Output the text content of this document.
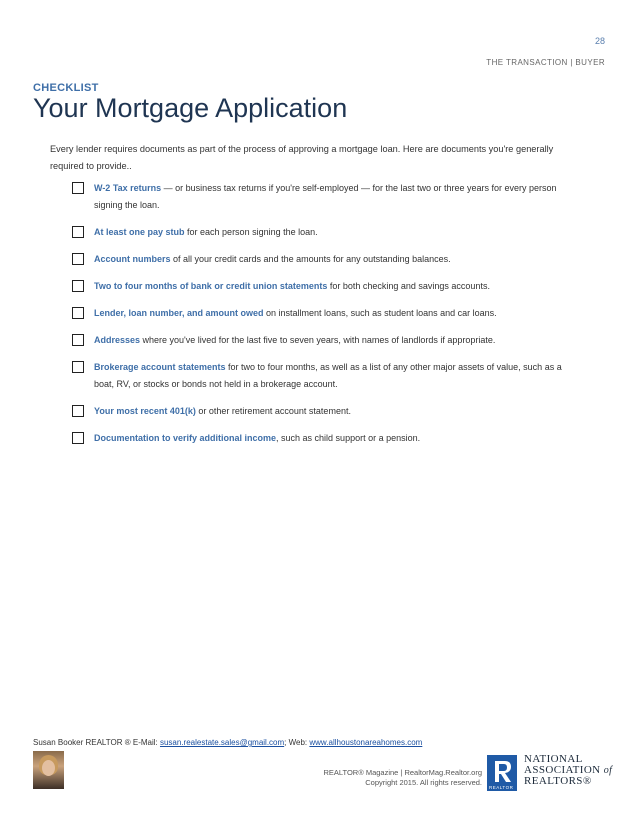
28
THE TRANSACTION | BUYER
CHECKLIST
Your Mortgage Application

Every lender requires documents as part of the process of approving a mortgage loan. Here are documents you're generally required to provide..

W-2 Tax returns — or business tax returns if you're self-employed — for the last two or three years for every person signing the loan.
At least one pay stub for each person signing the loan.
Account numbers of all your credit cards and the amounts for any outstanding balances.
Two to four months of bank or credit union statements for both checking and savings accounts.
Lender, loan number, and amount owed on installment loans, such as student loans and car loans.
Addresses where you've lived for the last five to seven years, with names of landlords if appropriate.
Brokerage account statements for two to four months, as well as a list of any other major assets of value, such as a boat, RV, or stocks or bonds not held in a brokerage account.
Your most recent 401(k) or other retirement account statement.
Documentation to verify additional income, such as child support or a pension.
Susan Booker REALTOR ® E-Mail: susan.realestate.sales@gmail.com; Web: www.allhoustonareahomes.com
REALTOR® Magazine | RealtorMag.Realtor.org
Copyright 2015. All rights reserved.
REALTOR
NATIONAL
ASSOCIATION of
REALTORS®
